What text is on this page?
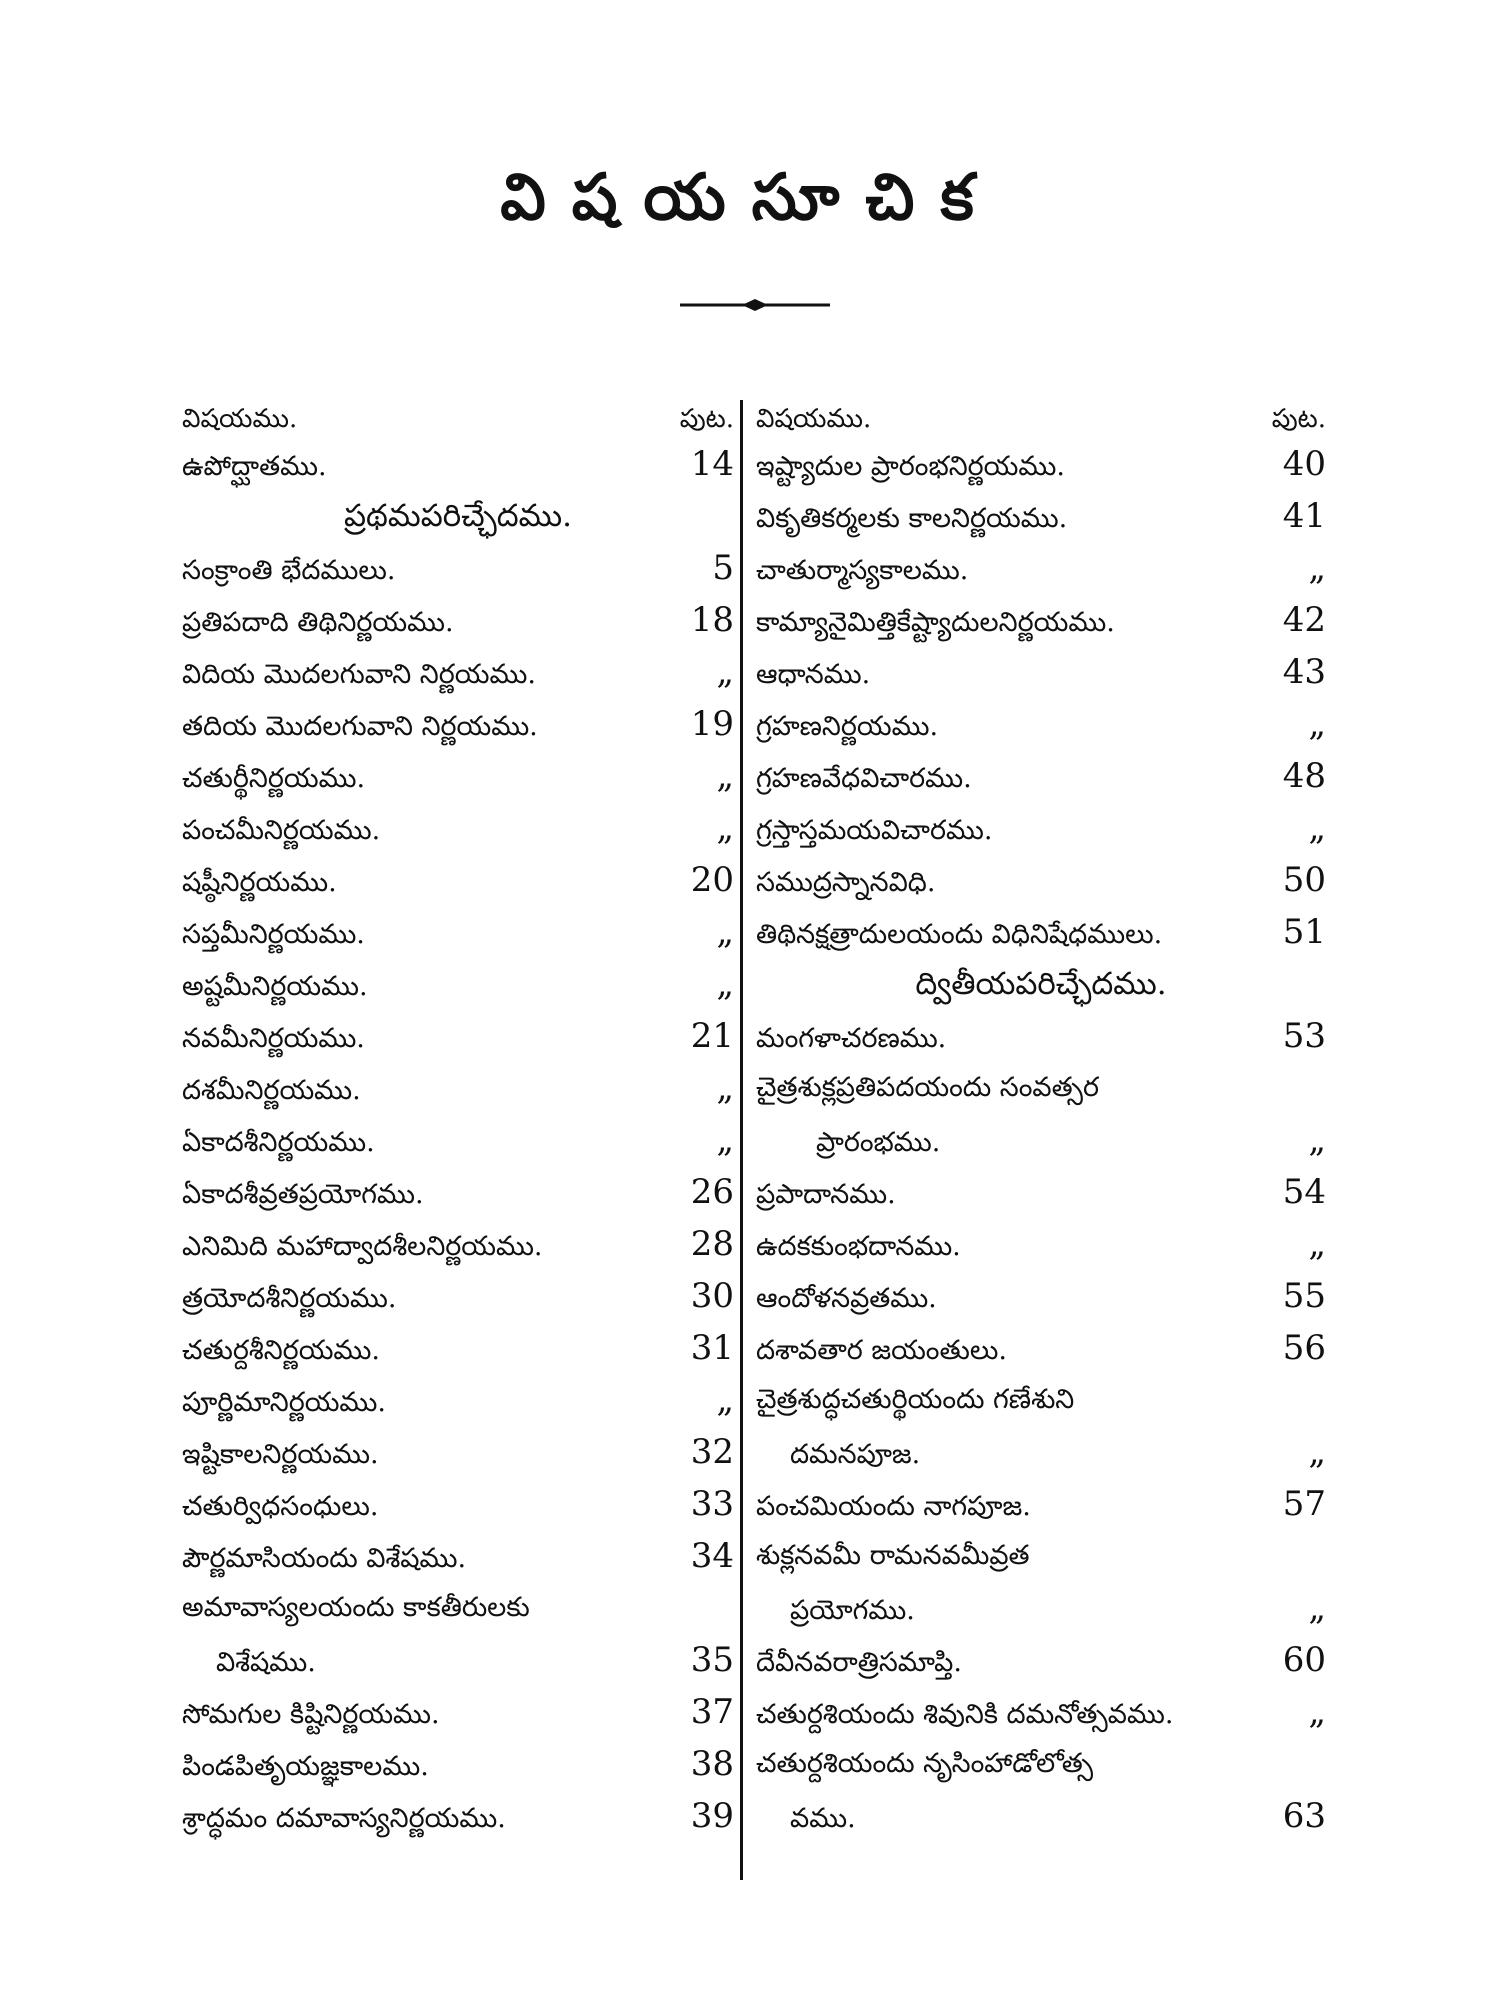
విషయసూచిక
విషయము.	పుట.
ఉపోద్ఘాతము.	14
ప్రథమపరిచ్ఛేదము.
సంక్రాంతి భేదములు.	5
ప్రతిపదాది తిథినిర్ణయము.	18
విదియ మొదలగువాని నిర్ణయము.	„
తదియ మొదలగువాని నిర్ణయము.	19
చతుర్థీనిర్ణయము.	„
పంచమీనిర్ణయము.	„
షష్ఠీనిర్ణయము.	20
సప్తమీనిర్ణయము.	„
అష్టమీనిర్ణయము.	„
నవమీనిర్ణయము.	21
దశమీనిర్ణయము.	„
ఏకాదశీనిర్ణయము.	„
ఏకాదశీవ్రతప్రయోగము.	26
ఎనిమిది మహాద్వాదశీలనిర్ణయము.	28
త్రయోదశీనిర్ణయము.	30
చతుర్దశీనిర్ణయము.	31
పూర్ణిమానిర్ణయము.	„
ఇష్టికాలనిర్ణయము.	32
చతుర్విధసంధులు.	33
పౌర్ణమాసియందు విశేషము.	34
అమావాస్యలయందు కాకతీరులకు
విశేషము.	35
సోమగుల కిష్టినిర్ణయము.	37
పిండపితృయజ్ఞకాలము.	38
శ్రాద్ధమం దమావాస్యనిర్ణయము.	39
విషయము.	పుట.
ఇష్ట్యాదుల ప్రారంభనిర్ణయము.	40
వికృతికర్మలకు కాలనిర్ణయము.	41
చాతుర్మాస్యకాలము.	„
కామ్యానైమిత్తికేష్ట్యాదులనిర్ణయము.	42
ఆధానము.	43
గ్రహణనిర్ణయము.	„
గ్రహణవేధవిచారము.	48
గ్రస్తాస్తమయవిచారము.	„
సముద్రస్నానవిధి.	50
తిథినక్షత్రాదులయందు విధినిషేధములు.	51
ద్వితీయపరిచ్ఛేదము.
మంగళాచరణము.	53
చైత్రశుక్లప్రతిపదయందు సంవత్సర
ప్రారంభము.	„
ప్రపాదానము.	54
ఉదకకుంభదానము.	„
ఆందోళనవ్రతము.	55
దశావతార జయంతులు.	56
చైత్రశుద్ధచతుర్థియందు గణేశుని
దమనపూజ.	„
పంచమియందు నాగపూజ.	57
శుక్లనవమీ రామనవమీవ్రత
ప్రయోగము.	„
దేవీనవరాత్రిసమాప్తి.	60
చతుర్దశియందు శివునికి దమనోత్సవము.	„
చతుర్దశియందు నృసింహాడోలోత్స
వము.	63
